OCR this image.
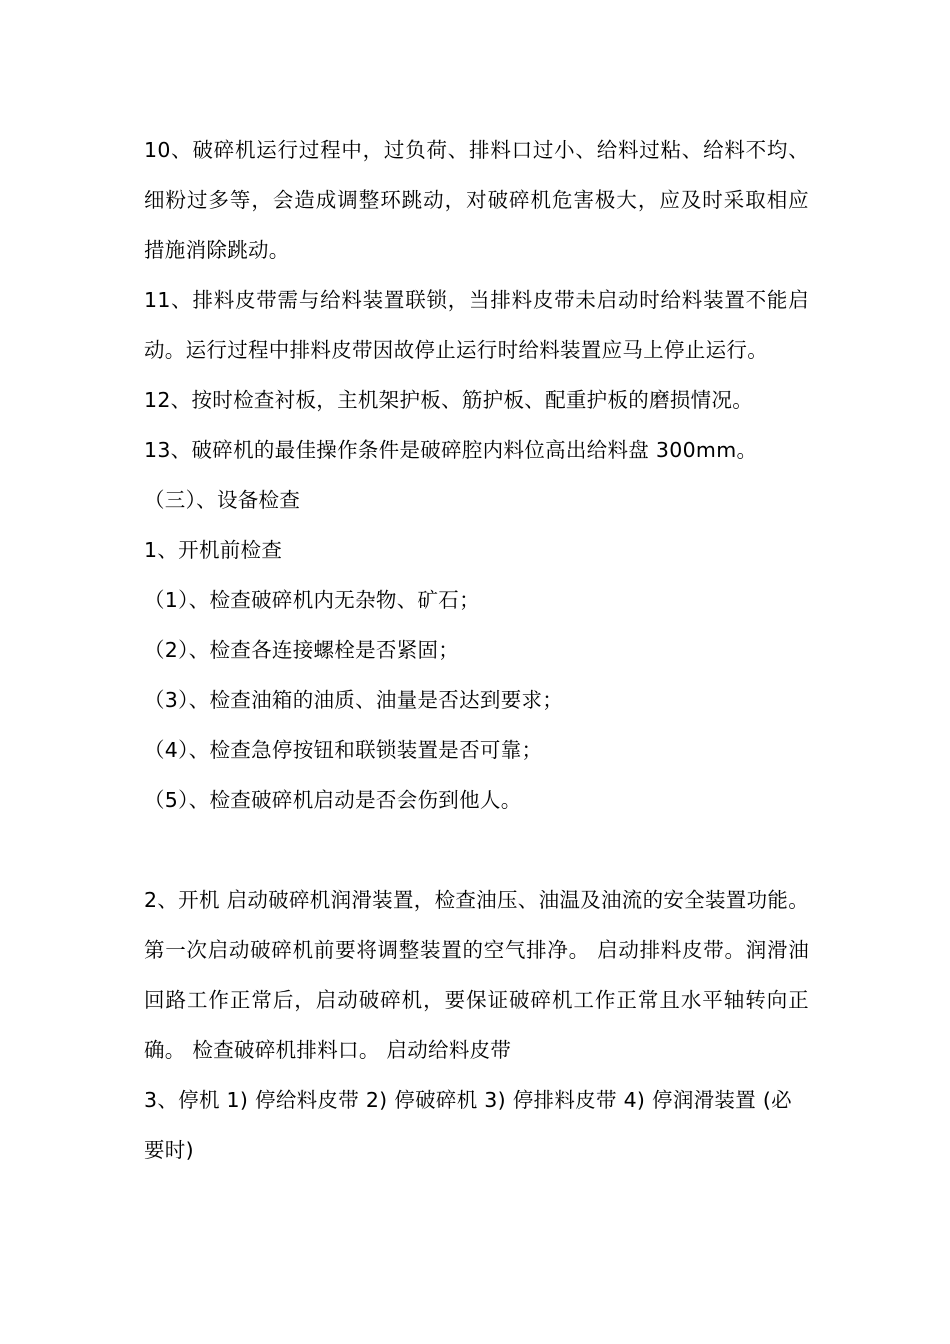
10、破碎机运行过程中，过负荷、排料口过小、给料过粘、给料不均、细粉过多等，会造成调整环跳动，对破碎机危害极大，应及时采取相应措施消除跳动。

11、排料皮带需与给料装置联锁，当排料皮带未启动时给料装置不能启动。运行过程中排料皮带因故停止运行时给料装置应马上停止运行。

12、按时检查衬板，主机架护板、筋护板、配重护板的磨损情况。

13、破碎机的最佳操作条件是破碎腔内料位高出给料盘 300mm。

（三）、设备检查

1、开机前检查

（1）、检查破碎机内无杂物、矿石；

（2）、检查各连接螺栓是否紧固；

（3）、检查油箱的油质、油量是否达到要求；

（4）、检查急停按钮和联锁装置是否可靠；

（5）、检查破碎机启动是否会伤到他人。

2、开机 启动破碎机润滑装置，检查油压、油温及油流的安全装置功能。 第一次启动破碎机前要将调整装置的空气排净。 启动排料皮带。润滑油回路工作正常后，启动破碎机，要保证破碎机工作正常且水平轴转向正确。 检查破碎机排料口。 启动给料皮带

3、停机 1) 停给料皮带 2) 停破碎机 3) 停排料皮带 4) 停润滑装置 (必要时)
